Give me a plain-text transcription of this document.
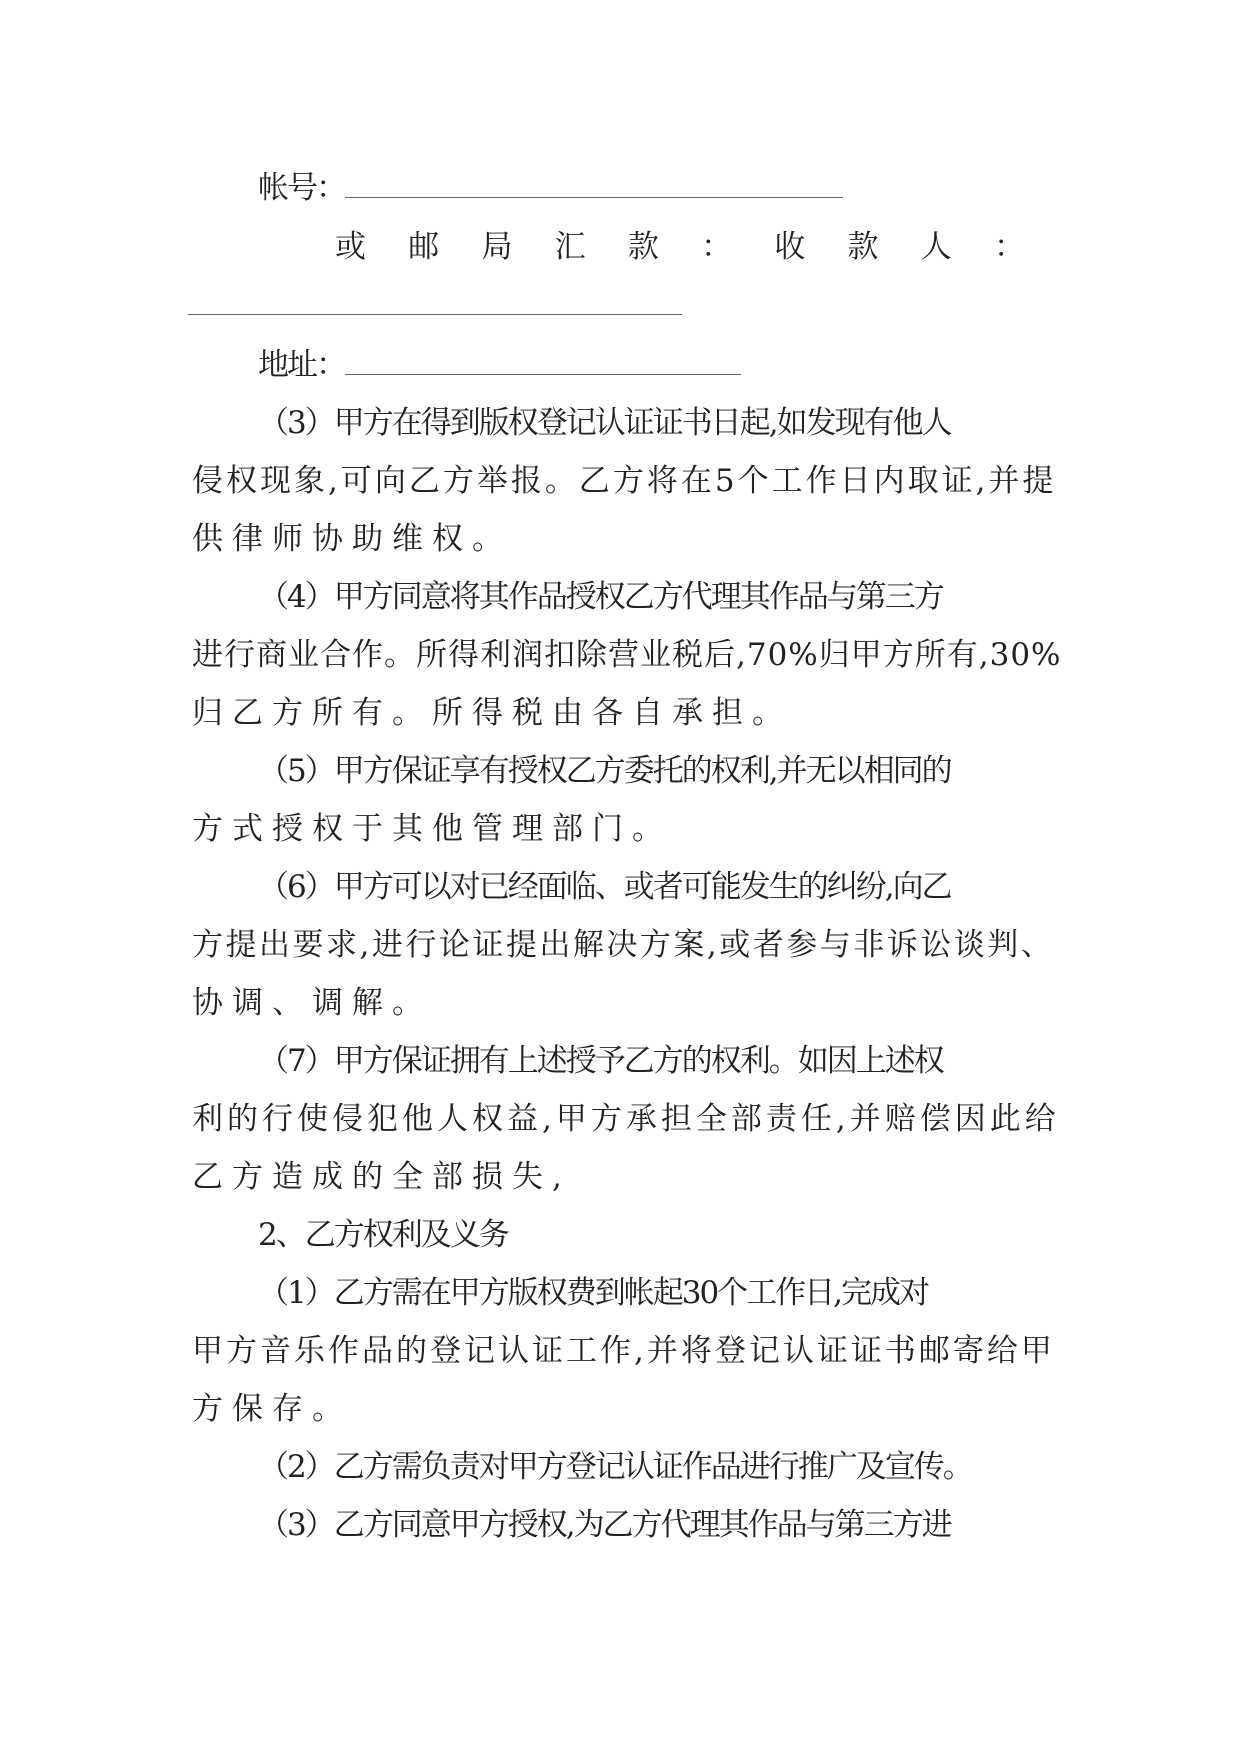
帐号：
或 邮 局 汇 款 ： 收 款 人 ：
地址：
（3）甲方在得到版权登记认证证书日起,如发现有他人
侵权现象,可向乙方举报。乙方将在5个工作日内取证,并提
供律师协助维权。
（4）甲方同意将其作品授权乙方代理其作品与第三方
进行商业合作。所得利润扣除营业税后,70%归甲方所有,30%
归乙方所有。所得税由各自承担。
（5）甲方保证享有授权乙方委托的权利,并无以相同的
方式授权于其他管理部门。
（6）甲方可以对已经面临、或者可能发生的纠纷,向乙
方提出要求,进行论证提出解决方案,或者参与非诉讼谈判、
协调、调解。
（7）甲方保证拥有上述授予乙方的权利。如因上述权
利的行使侵犯他人权益,甲方承担全部责任,并赔偿因此给
乙方造成的全部损失,
2、乙方权利及义务
（1）乙方需在甲方版权费到帐起30个工作日,完成对
甲方音乐作品的登记认证工作,并将登记认证证书邮寄给甲
方保存。
（2）乙方需负责对甲方登记认证作品进行推广及宣传。
（3）乙方同意甲方授权,为乙方代理其作品与第三方进
